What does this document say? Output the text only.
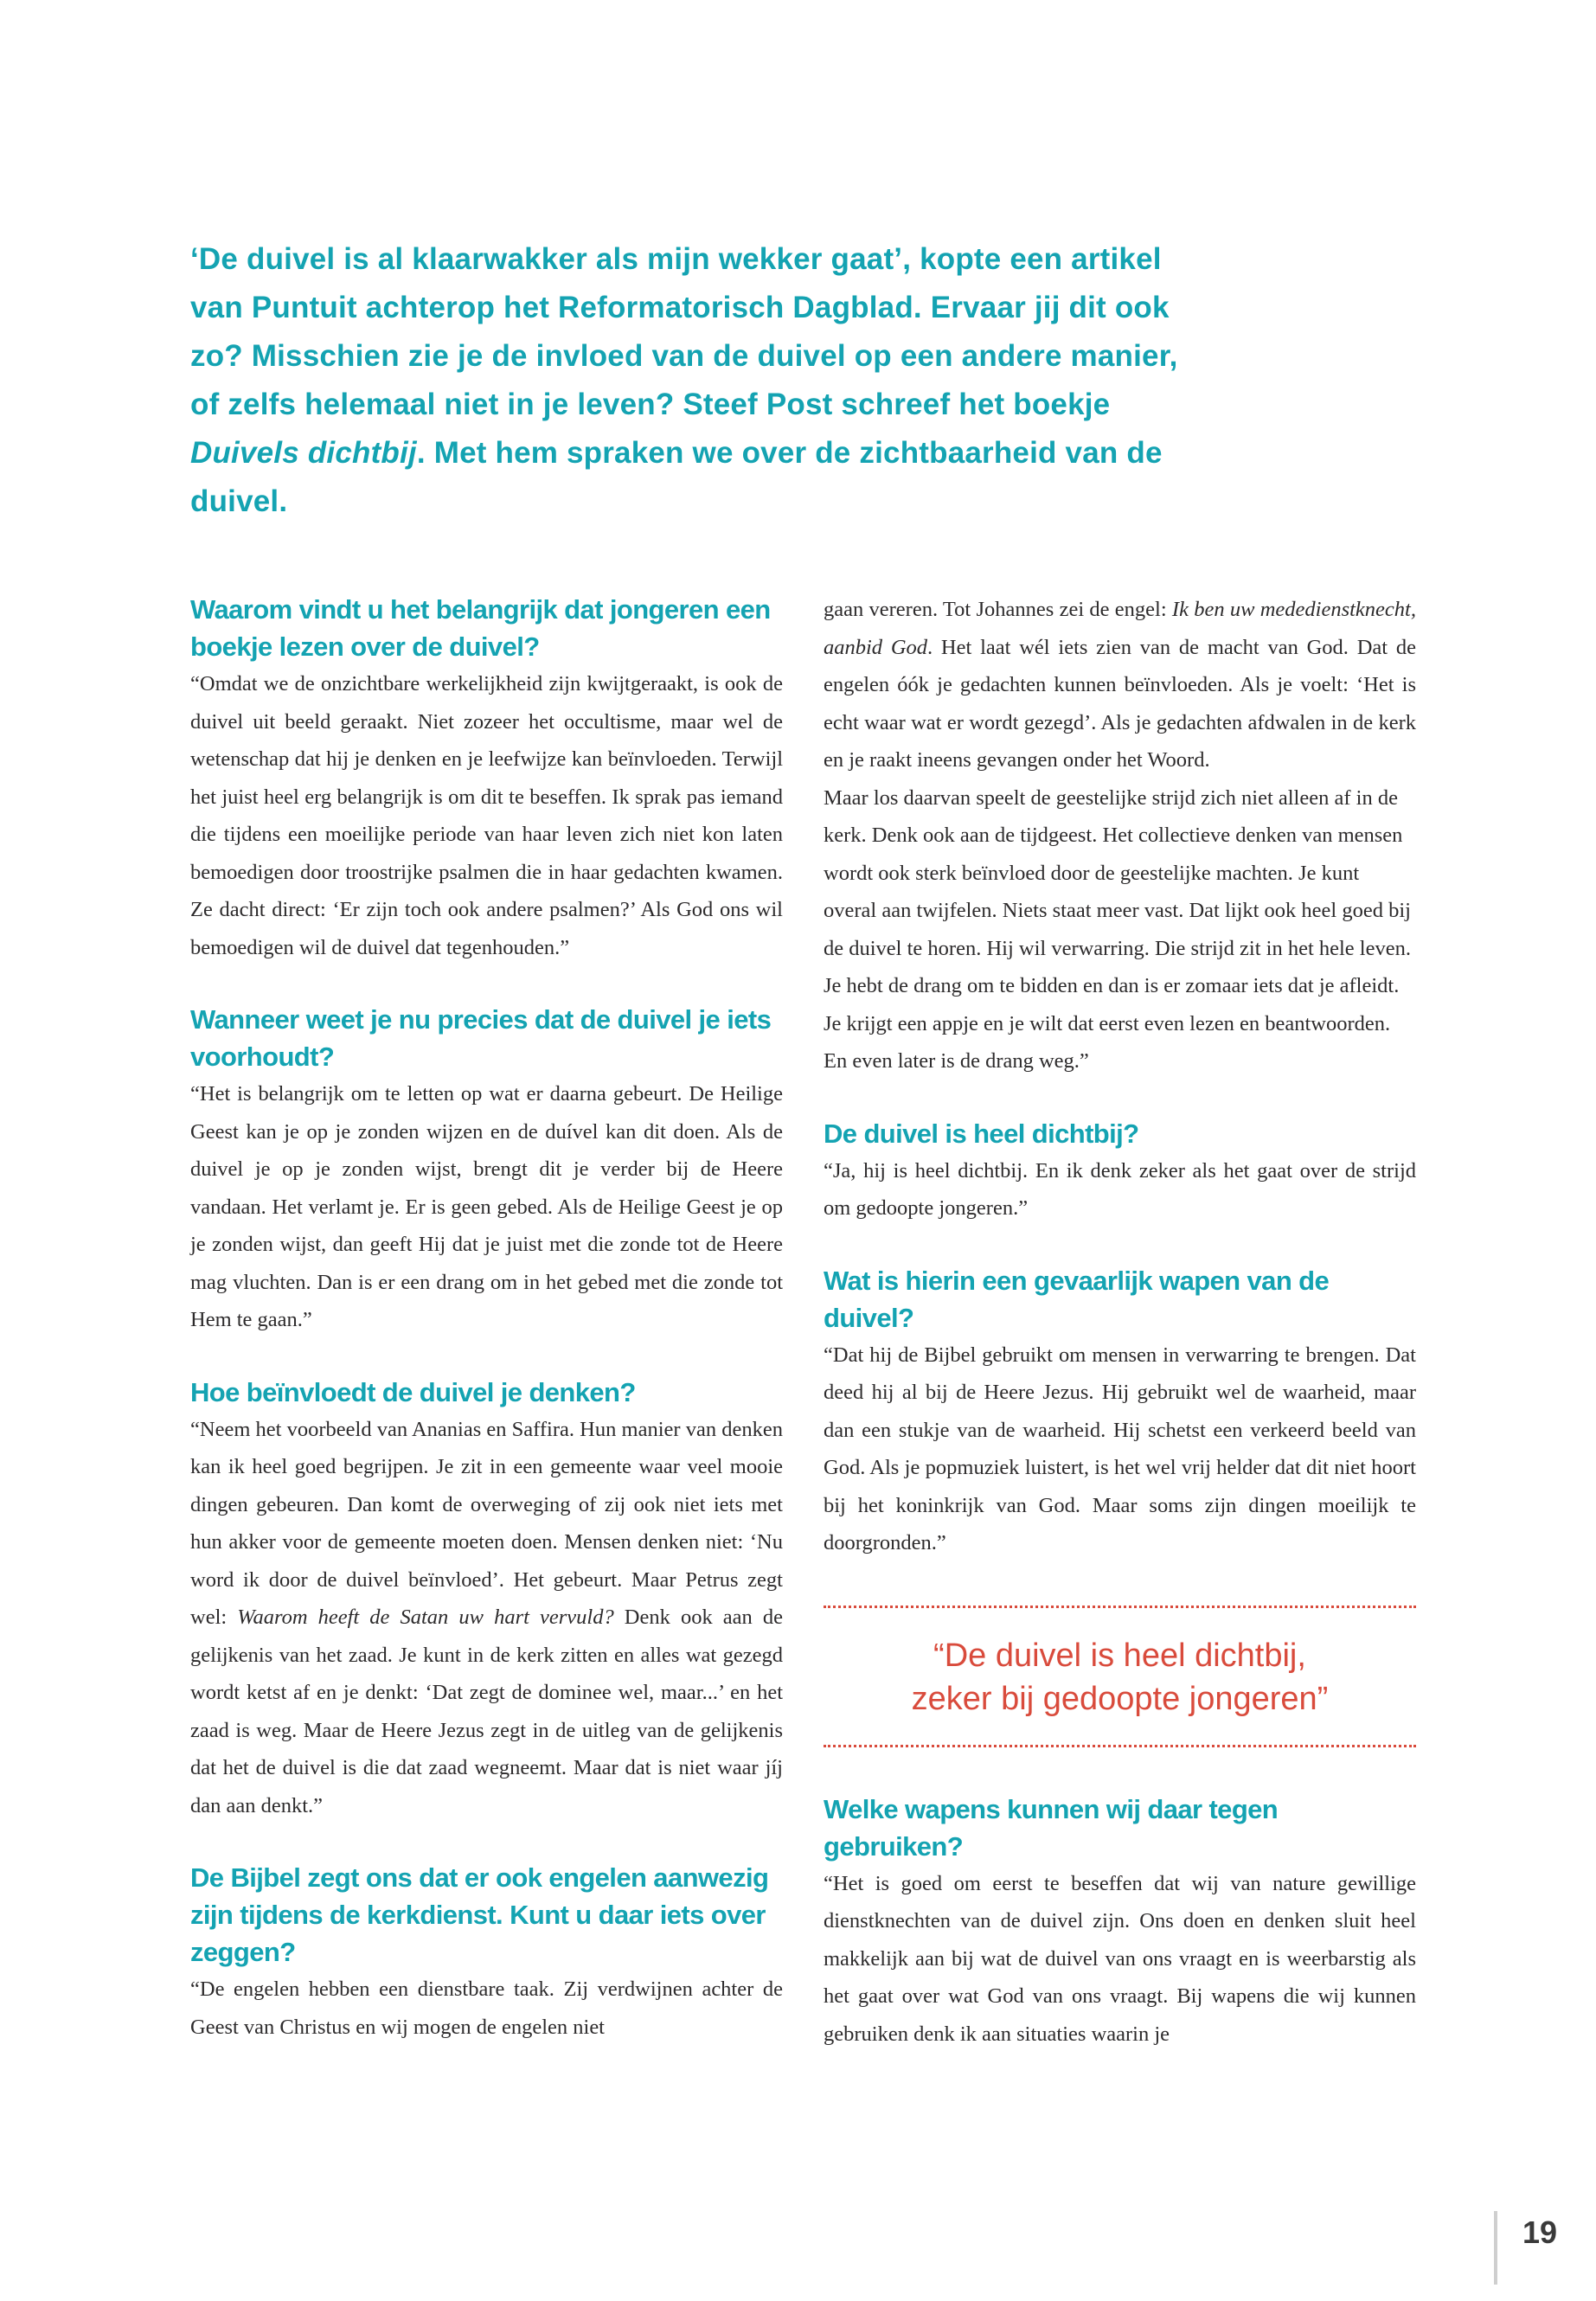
‘De duivel is al klaarwakker als mijn wekker gaat’, kopte een artikel van Puntuit achterop het Reformatorisch Dagblad. Ervaar jij dit ook zo? Misschien zie je de invloed van de duivel op een andere manier, of zelfs helemaal niet in je leven? Steef Post schreef het boekje Duivels dichtbij. Met hem spraken we over de zichtbaarheid van de duivel.
Waarom vindt u het belangrijk dat jongeren een boekje lezen over de duivel?

“Omdat we de onzichtbare werkelijkheid zijn kwijtgeraakt, is ook de duivel uit beeld geraakt. Niet zozeer het occultisme, maar wel de wetenschap dat hij je denken en je leefwijze kan beïnvloeden. Terwijl het juist heel erg belangrijk is om dit te beseffen. Ik sprak pas iemand die tijdens een moeilijke periode van haar leven zich niet kon laten bemoedigen door troostrijke psalmen die in haar gedachten kwamen. Ze dacht direct: ‘Er zijn toch ook andere psalmen?’ Als God ons wil bemoedigen wil de duivel dat tegenhouden.”

Wanneer weet je nu precies dat de duivel je iets voorhoudt?

“Het is belangrijk om te letten op wat er daarna gebeurt. De Heilige Geest kan je op je zonden wijzen en de duível kan dit doen. Als de duivel je op je zonden wijst, brengt dit je verder bij de Heere vandaan. Het verlamt je. Er is geen gebed. Als de Heilige Geest je op je zonden wijst, dan geeft Hij dat je juist met die zonde tot de Heere mag vluchten. Dan is er een drang om in het gebed met die zonde tot Hem te gaan.”

Hoe beïnvloedt de duivel je denken?

“Neem het voorbeeld van Ananias en Saffira. Hun manier van denken kan ik heel goed begrijpen. Je zit in een gemeente waar veel mooie dingen gebeuren. Dan komt de overweging of zij ook niet iets met hun akker voor de gemeente moeten doen. Mensen denken niet: ‘Nu word ik door de duivel beïnvloed’. Het gebeurt. Maar Petrus zegt wel: Waarom heeft de Satan uw hart vervuld? Denk ook aan de gelijkenis van het zaad. Je kunt in de kerk zitten en alles wat gezegd wordt ketst af en je denkt: ‘Dat zegt de dominee wel, maar...’ en het zaad is weg. Maar de Heere Jezus zegt in de uitleg van de gelijkenis dat het de duivel is die dat zaad wegneemt. Maar dat is niet waar jíj dan aan denkt.”

De Bijbel zegt ons dat er ook engelen aanwezig zijn tijdens de kerkdienst. Kunt u daar iets over zeggen?

“De engelen hebben een dienstbare taak. Zij verdwijnen achter de Geest van Christus en wij mogen de engelen niet

gaan vereren. Tot Johannes zei de engel: Ik ben uw mededienstknecht, aanbid God. Het laat wél iets zien van de macht van God. Dat de engelen óók je gedachten kunnen beïnvloeden. Als je voelt: ‘Het is echt waar wat er wordt gezegd’. Als je gedachten afdwalen in de kerk en je raakt ineens gevangen onder het Woord.

Maar los daarvan speelt de geestelijke strijd zich niet alleen af in de kerk. Denk ook aan de tijdgeest. Het collectieve denken van mensen wordt ook sterk beïnvloed door de geestelijke machten. Je kunt overal aan twijfelen. Niets staat meer vast. Dat lijkt ook heel goed bij de duivel te horen. Hij wil verwarring. Die strijd zit in het hele leven. Je hebt de drang om te bidden en dan is er zomaar iets dat je afleidt. Je krijgt een appje en je wilt dat eerst even lezen en beantwoorden. En even later is de drang weg.”

De duivel is heel dichtbij?

“Ja, hij is heel dichtbij. En ik denk zeker als het gaat over de strijd om gedoopte jongeren.”

Wat is hierin een gevaarlijk wapen van de duivel?

“Dat hij de Bijbel gebruikt om mensen in verwarring te brengen. Dat deed hij al bij de Heere Jezus. Hij gebruikt wel de waarheid, maar dan een stukje van de waarheid. Hij schetst een verkeerd beeld van God. Als je popmuziek luistert, is het wel vrij helder dat dit niet hoort bij het koninkrijk van God. Maar soms zijn dingen moeilijk te doorgronden.”

“De duivel is heel dichtbij,
zeker bij gedoopte jongeren”
Welke wapens kunnen wij daar tegen gebruiken?

“Het is goed om eerst te beseffen dat wij van nature gewillige dienstknechten van de duivel zijn. Ons doen en denken sluit heel makkelijk aan bij wat de duivel van ons vraagt en is weerbarstig als het gaat over wat God van ons vraagt. Bij wapens die wij kunnen gebruiken denk ik aan situaties waarin je

19
